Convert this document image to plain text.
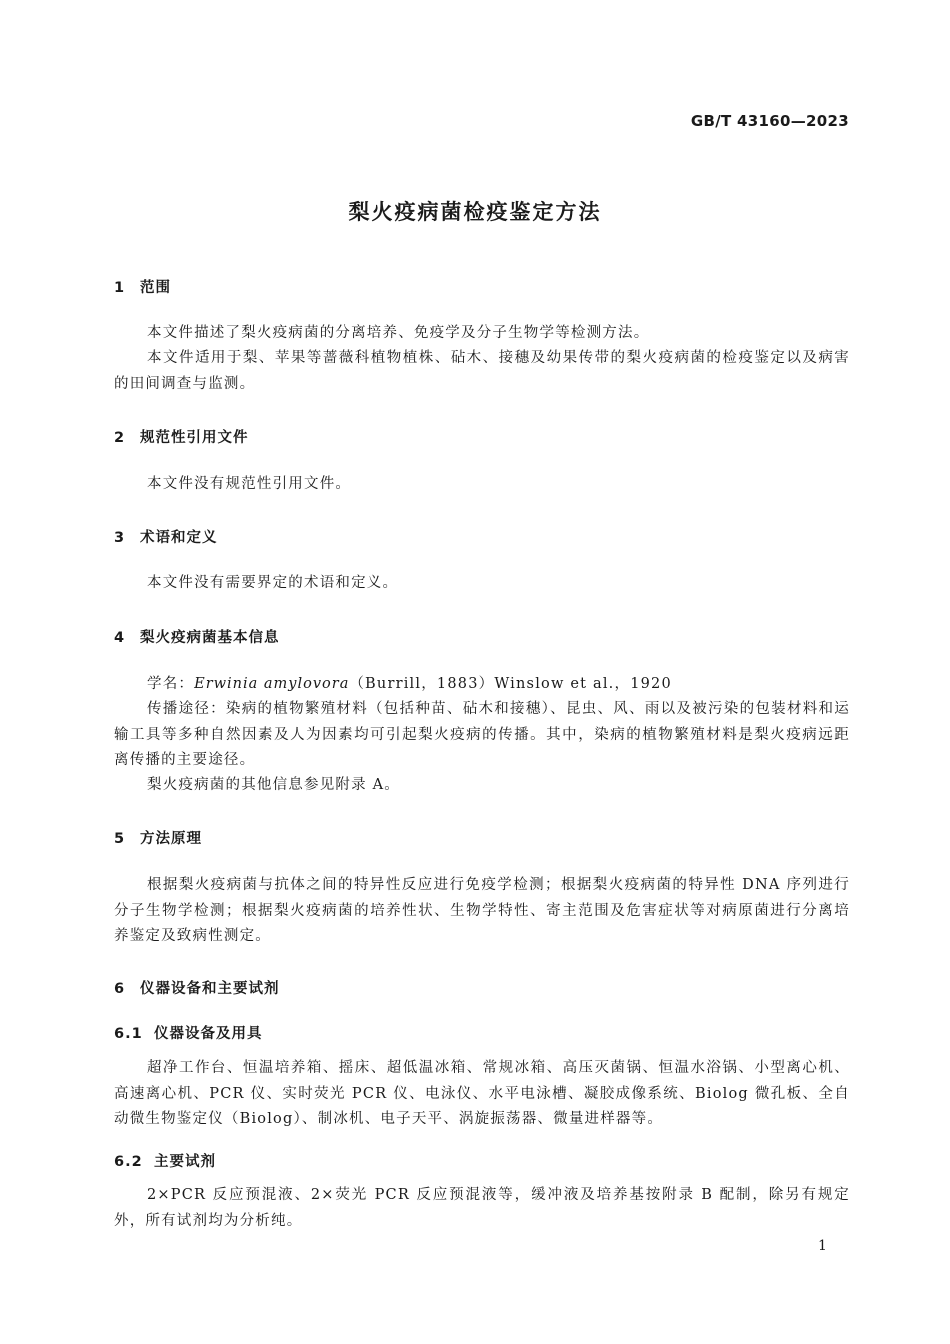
GB/T 43160—2023
梨火疫病菌检疫鉴定方法
1 范围
本文件描述了梨火疫病菌的分离培养、免疫学及分子生物学等检测方法。
本文件适用于梨、苹果等蔷薇科植物植株、砧木、接穗及幼果传带的梨火疫病菌的检疫鉴定以及病害的田间调查与监测。
2 规范性引用文件
本文件没有规范性引用文件。
3 术语和定义
本文件没有需要界定的术语和定义。
4 梨火疫病菌基本信息
学名：Erwinia amylovora（Burrill，1883）Winslow et al.，1920
传播途径：染病的植物繁殖材料（包括种苗、砧木和接穗）、昆虫、风、雨以及被污染的包装材料和运输工具等多种自然因素及人为因素均可引起梨火疫病的传播。其中，染病的植物繁殖材料是梨火疫病远距离传播的主要途径。
梨火疫病菌的其他信息参见附录 A。
5 方法原理
根据梨火疫病菌与抗体之间的特异性反应进行免疫学检测；根据梨火疫病菌的特异性 DNA 序列进行分子生物学检测；根据梨火疫病菌的培养性状、生物学特性、寄主范围及危害症状等对病原菌进行分离培养鉴定及致病性测定。
6 仪器设备和主要试剂
6.1 仪器设备及用具
超净工作台、恒温培养箱、摇床、超低温冰箱、常规冰箱、高压灭菌锅、恒温水浴锅、小型离心机、高速离心机、PCR 仪、实时荧光 PCR 仪、电泳仪、水平电泳槽、凝胶成像系统、Biolog 微孔板、全自动微生物鉴定仪（Biolog）、制冰机、电子天平、涡旋振荡器、微量进样器等。
6.2 主要试剂
2×PCR 反应预混液、2×荧光 PCR 反应预混液等，缓冲液及培养基按附录 B 配制，除另有规定外，所有试剂均为分析纯。
1
